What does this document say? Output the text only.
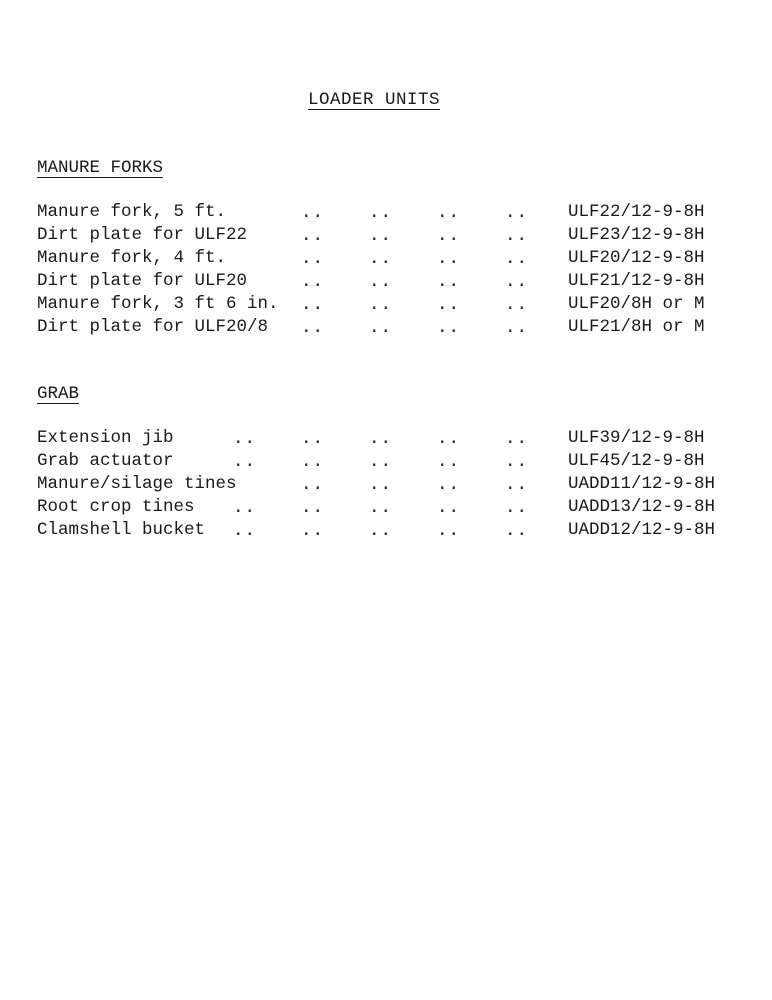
LOADER UNITS
MANURE FORKS
..	..	..	..
Manure fork, 5 ft.	ULF22/12-9-8H
..	..	..	..
Dirt plate for ULF22	ULF23/12-9-8H
..	..	..	..
Manure fork, 4 ft.	ULF20/12-9-8H
..	..	..	..
Dirt plate for ULF20	ULF21/12-9-8H
..	..	..	..
Manure fork, 3 ft 6 in.	ULF20/8H or M
..	..	..	..
Dirt plate for ULF20/8	ULF21/8H or M
GRAB
..	..	..	..	..
Extension jib	ULF39/12-9-8H
..	..	..	..	..
Grab actuator	ULF45/12-9-8H
..	..	..	..
Manure/silage tines	UADD11/12-9-8H
..	..	..	..	..
Root crop tines	UADD13/12-9-8H
..	..	..	..	..
Clamshell bucket	UADD12/12-9-8H
